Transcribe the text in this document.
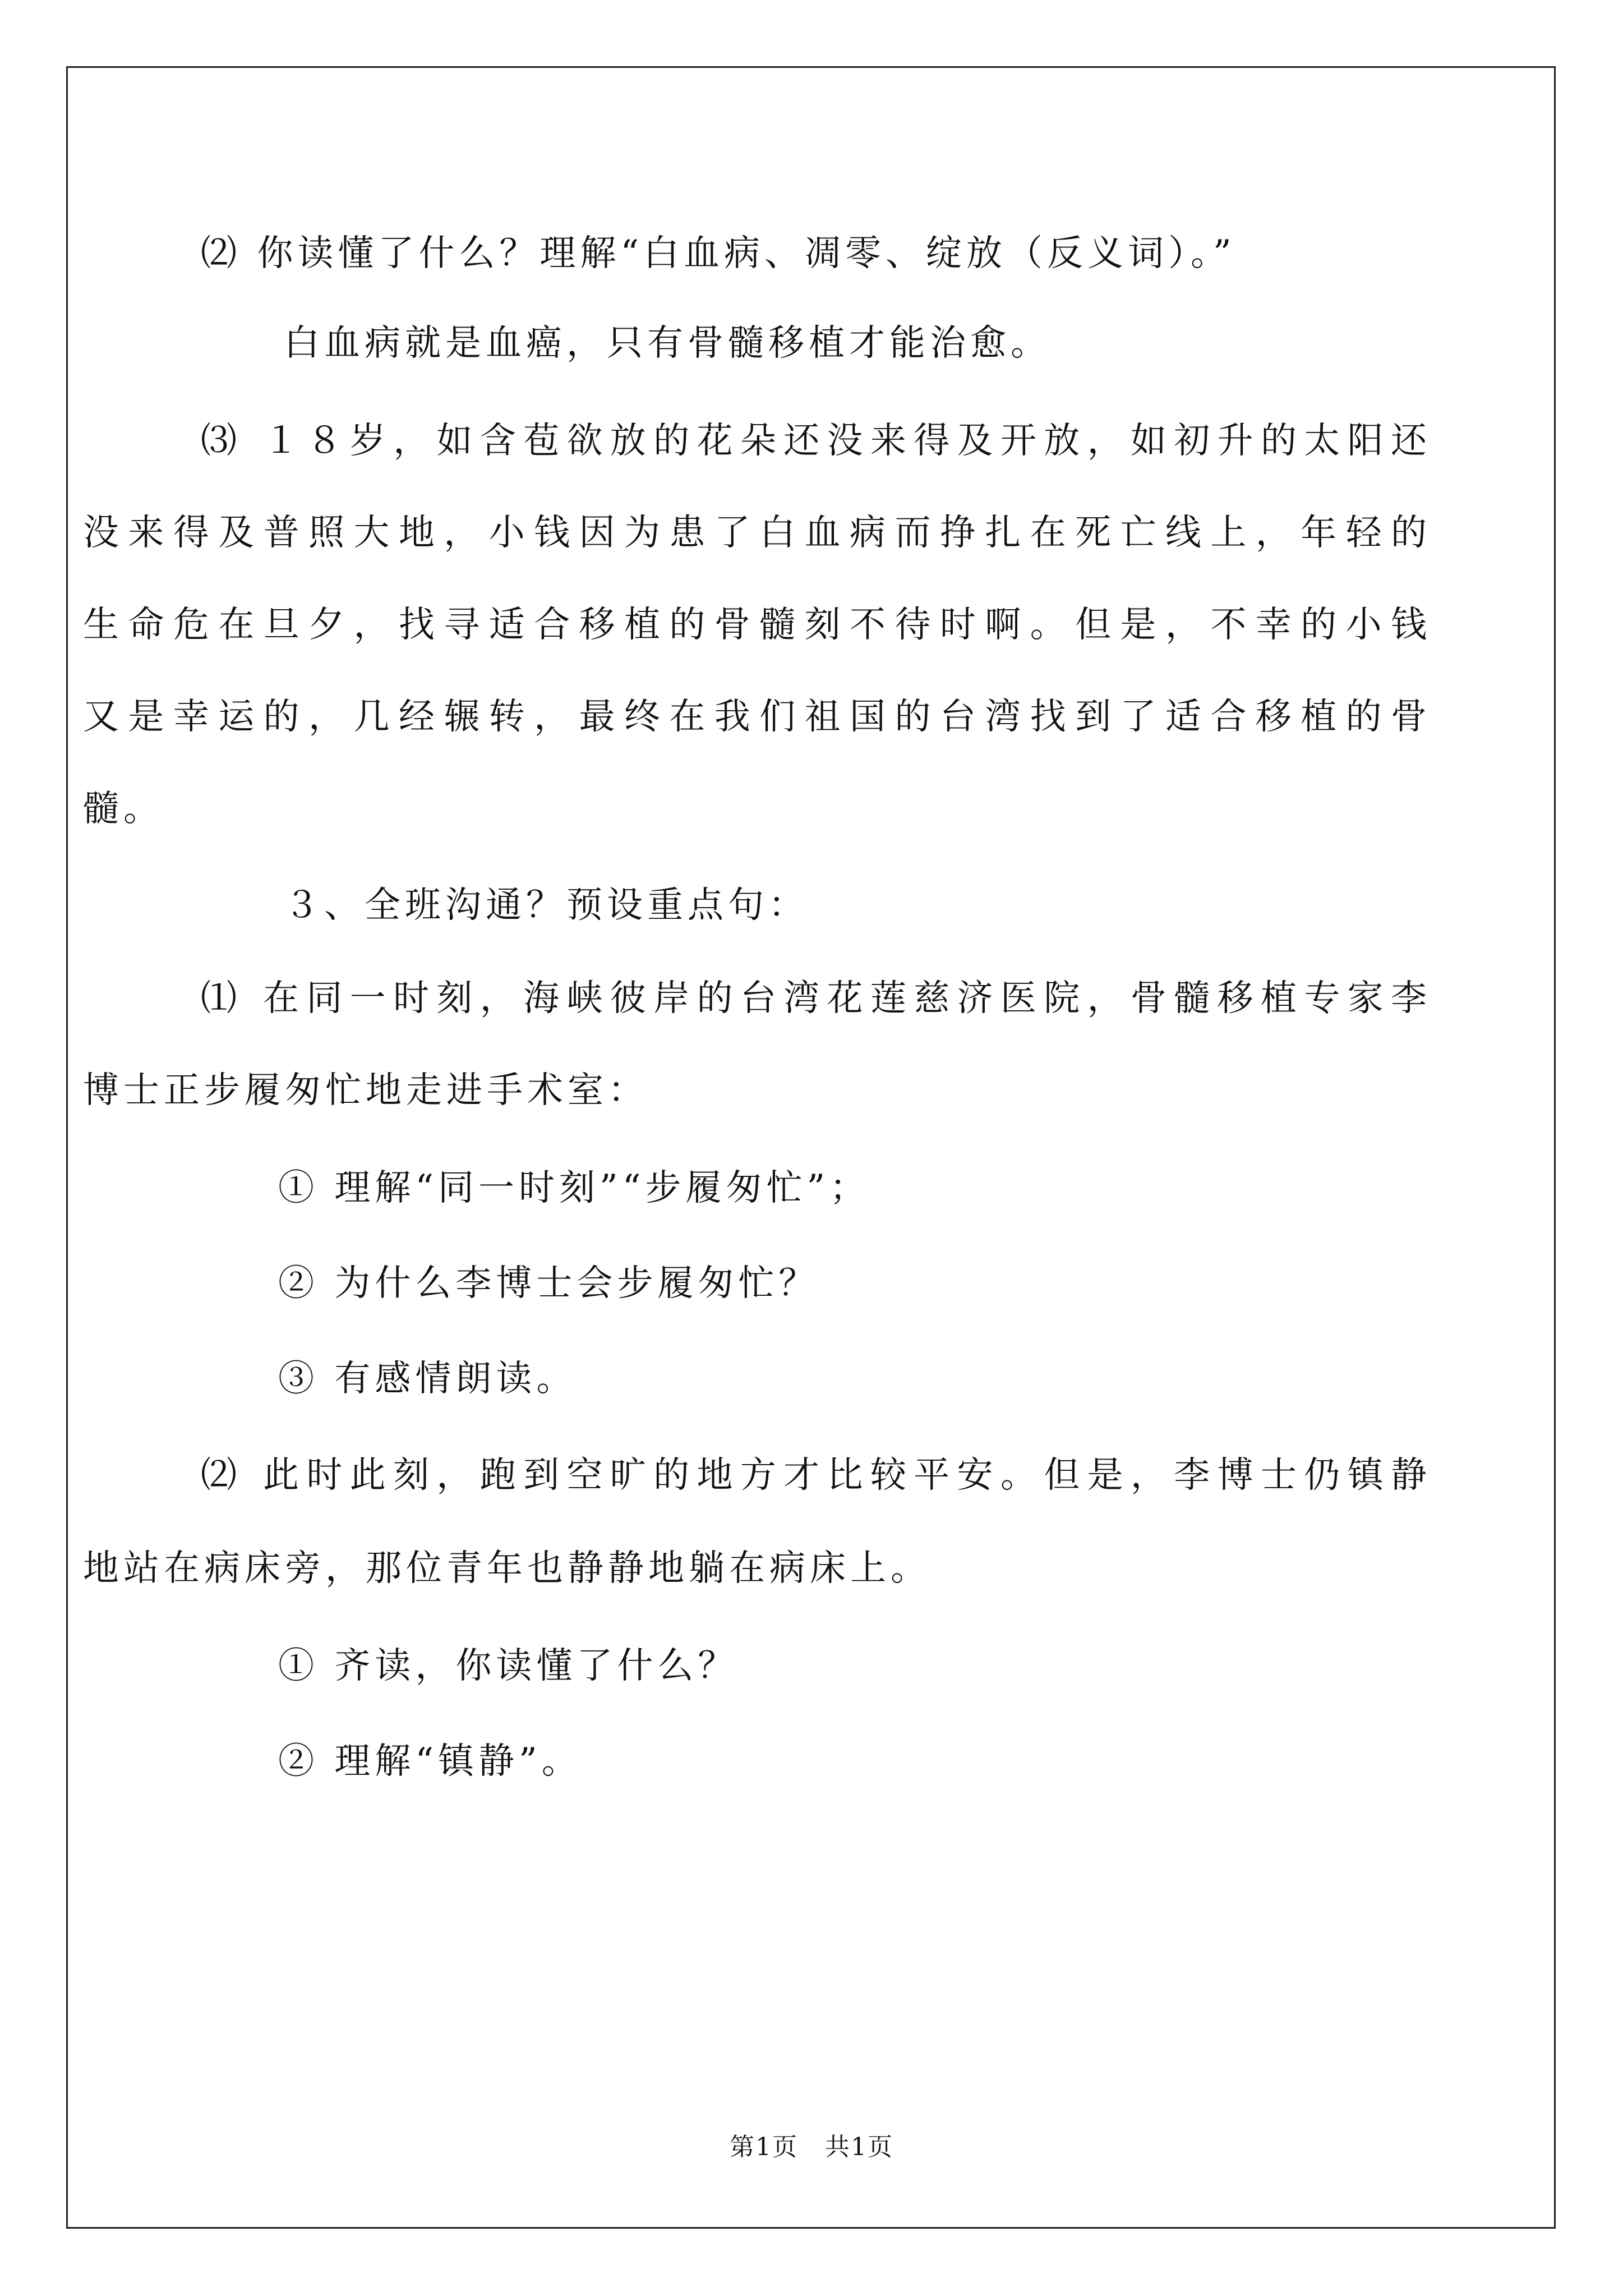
⑵ 你读懂了什么？理解“白血病、凋零、绽放（反义词）。”
白血病就是血癌，只有骨髓移植才能治愈。
⑶ １８岁，如含苞欲放的花朵还没来得及开放，如初升的太阳还
没来得及普照大地，小钱因为患了白血病而挣扎在死亡线上，年轻的
生命危在旦夕，找寻适合移植的骨髓刻不待时啊。但是，不幸的小钱
又是幸运的，几经辗转，最终在我们祖国的台湾找到了适合移植的骨
髓。
３、全班沟通？预设重点句：
⑴ 在同一时刻，海峡彼岸的台湾花莲慈济医院，骨髓移植专家李
博士正步履匆忙地走进手术室：
① 理解“同一时刻”“步履匆忙”；
② 为什么李博士会步履匆忙？
③ 有感情朗读。
⑵ 此时此刻，跑到空旷的地方才比较平安。但是，李博士仍镇静
地站在病床旁，那位青年也静静地躺在病床上。
① 齐读，你读懂了什么？
② 理解“镇静”。
第1页   共1页
